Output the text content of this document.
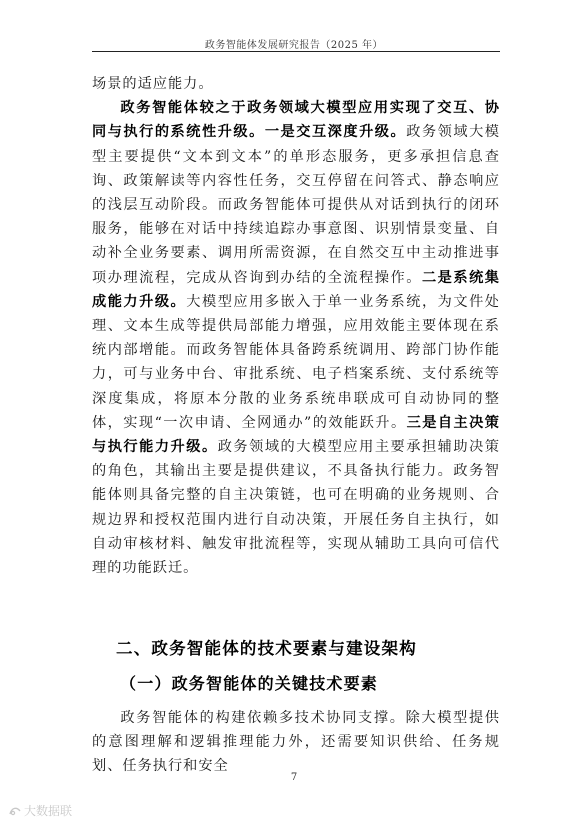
政务智能体发展研究报告（2025 年）

场景的适应能力。

政务智能体较之于政务领域大模型应用实现了交互、协同与执行的系统性升级。一是交互深度升级。政务领域大模型主要提供“文本到文本”的单形态服务，更多承担信息查询、政策解读等内容性任务，交互停留在问答式、静态响应的浅层互动阶段。而政务智能体可提供从对话到执行的闭环服务，能够在对话中持续追踪办事意图、识别情景变量、自动补全业务要素、调用所需资源，在自然交互中主动推进事项办理流程，完成从咨询到办结的全流程操作。二是系统集成能力升级。大模型应用多嵌入于单一业务系统，为文件处理、文本生成等提供局部能力增强，应用效能主要体现在系统内部增能。而政务智能体具备跨系统调用、跨部门协作能力，可与业务中台、审批系统、电子档案系统、支付系统等深度集成，将原本分散的业务系统串联成可自动协同的整体，实现“一次申请、全网通办”的效能跃升。三是自主决策与执行能力升级。政务领域的大模型应用主要承担辅助决策的角色，其输出主要是提供建议，不具备执行能力。政务智能体则具备完整的自主决策链，也可在明确的业务规则、合规边界和授权范围内进行自动决策，开展任务自主执行，如自动审核材料、触发审批流程等，实现从辅助工具向可信代理的功能跃迁。

二、政务智能体的技术要素与建设架构
（一）政务智能体的关键技术要素

政务智能体的构建依赖多技术协同支撑。除大模型提供的意图理解和逻辑推理能力外，还需要知识供给、任务规划、任务执行和安全

7
大数据联
